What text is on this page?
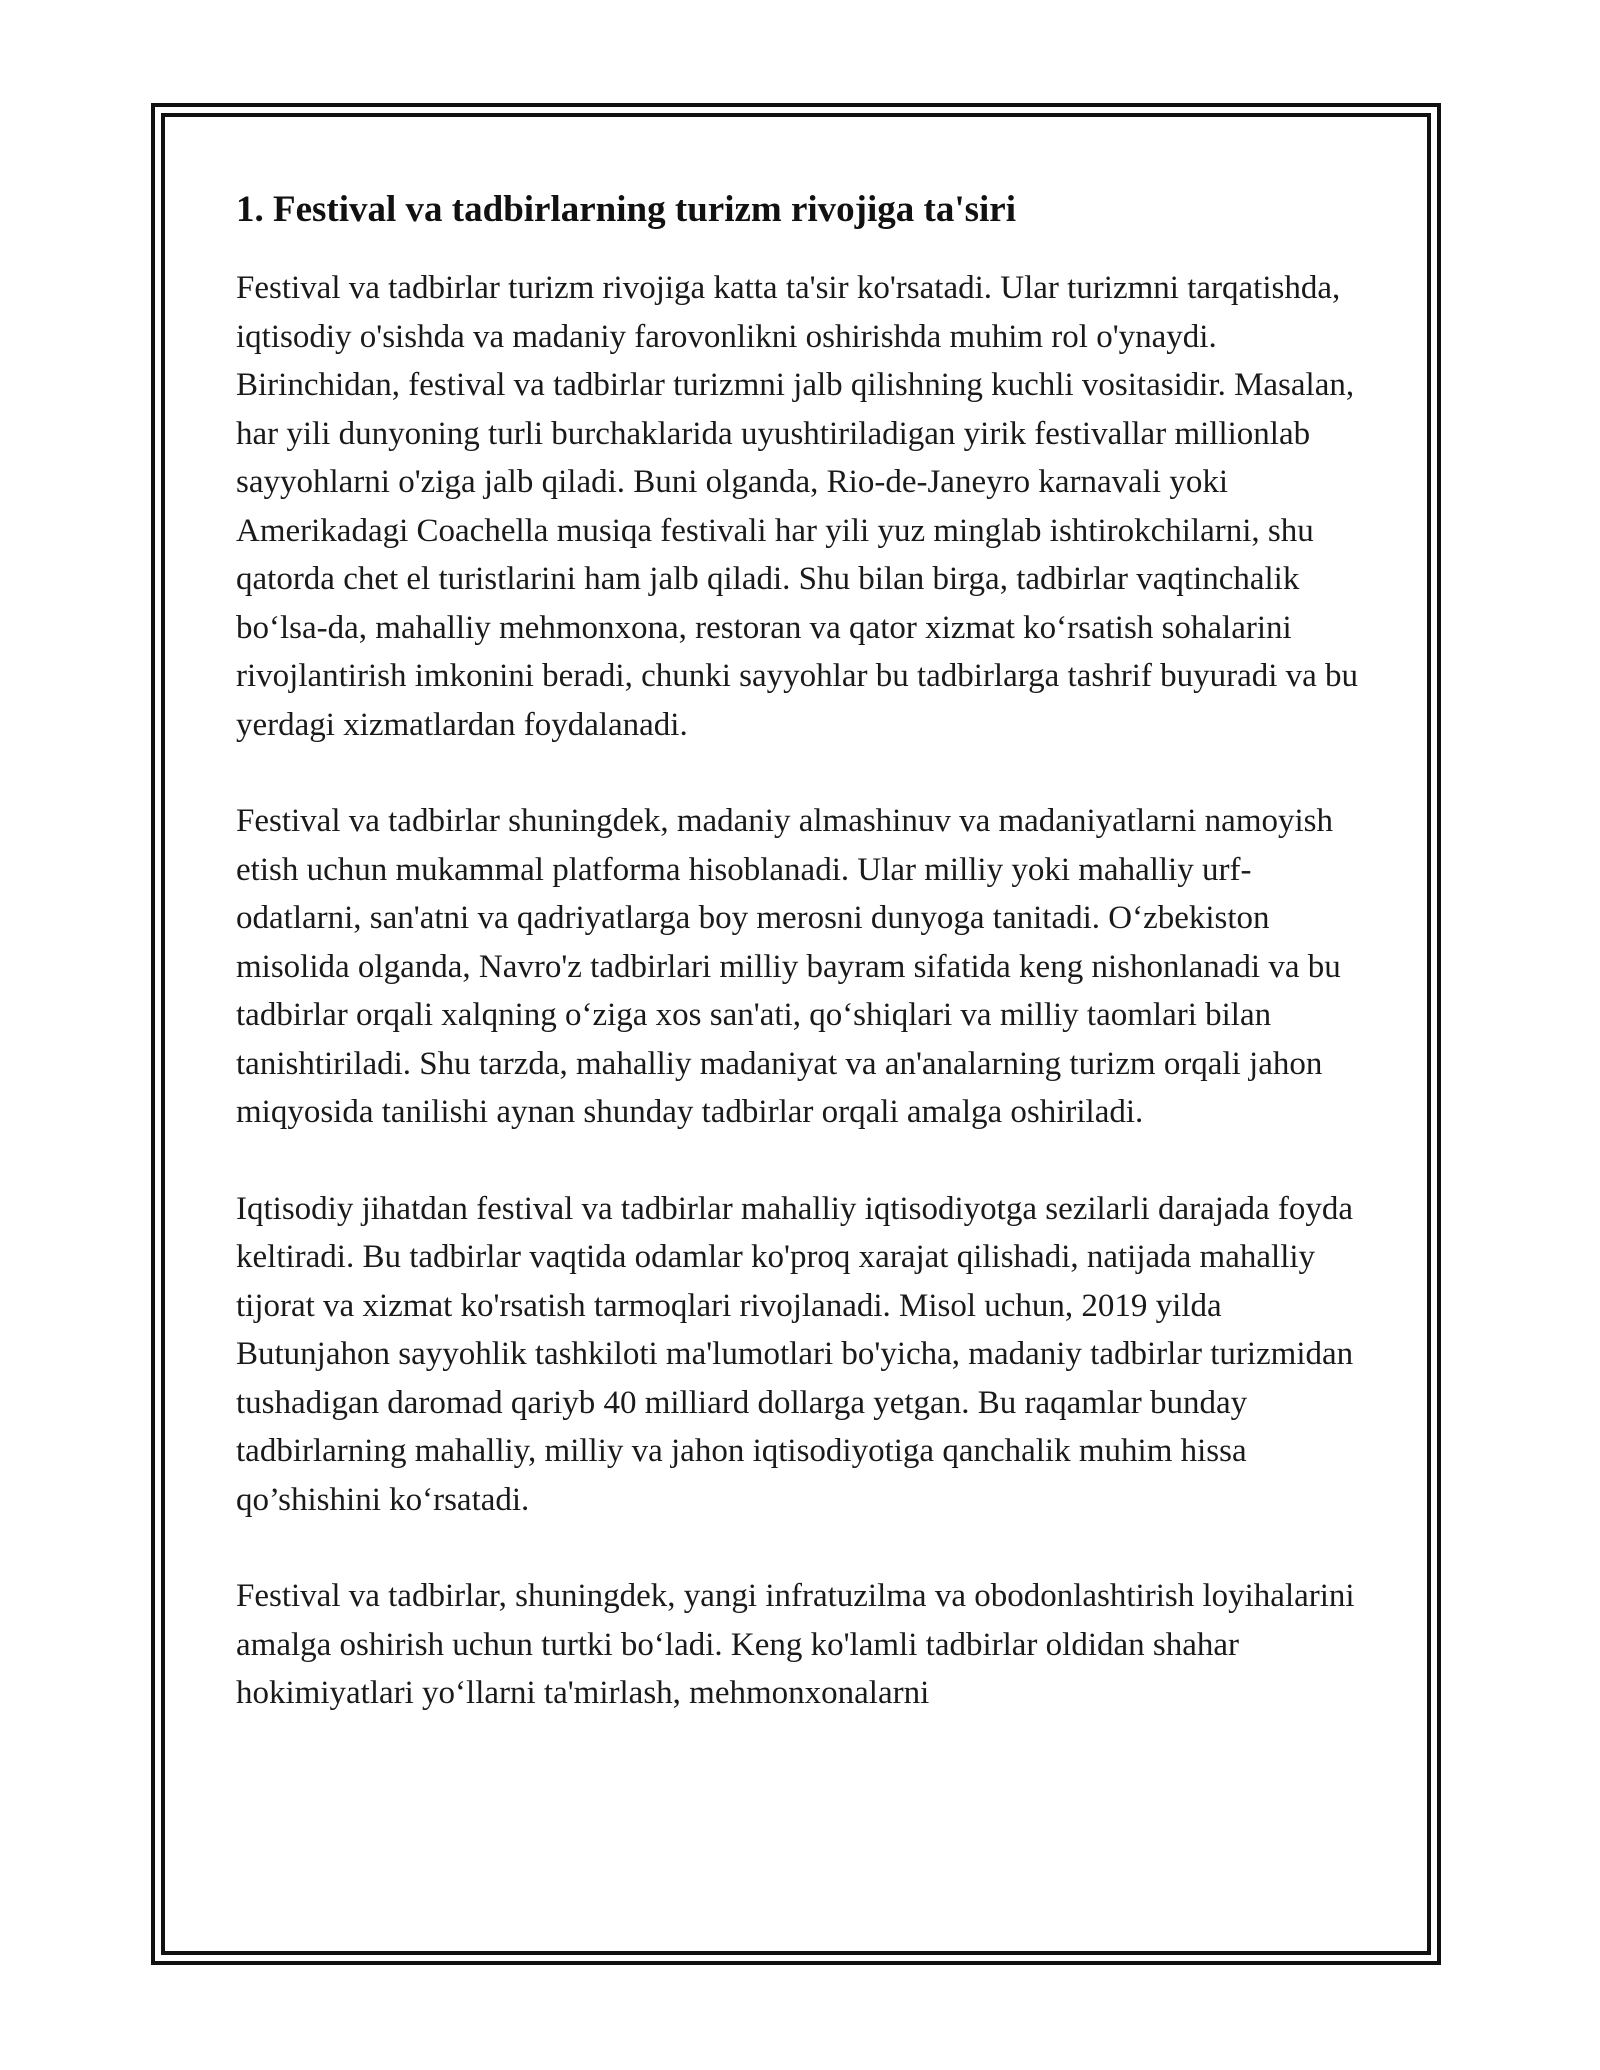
1. Festival va tadbirlarning turizm rivojiga ta'siri

Festival va tadbirlar turizm rivojiga katta ta'sir ko'rsatadi. Ular turizmni tarqatishda, iqtisodiy o'sishda va madaniy farovonlikni oshirishda muhim rol o'ynaydi. Birinchidan, festival va tadbirlar turizmni jalb qilishning kuchli vositasidir. Masalan, har yili dunyoning turli burchaklarida uyushtiriladigan yirik festivallar millionlab sayyohlarni o'ziga jalb qiladi. Buni olganda, Rio-de-Janeyro karnavali yoki Amerikadagi Coachella musiqa festivali har yili yuz minglab ishtirokchilarni, shu qatorda chet el turistlarini ham jalb qiladi. Shu bilan birga, tadbirlar vaqtinchalik bo‘lsa-da, mahalliy mehmonxona, restoran va qator xizmat ko‘rsatish sohalarini rivojlantirish imkonini beradi, chunki sayyohlar bu tadbirlarga tashrif buyuradi va bu yerdagi xizmatlardan foydalanadi.

Festival va tadbirlar shuningdek, madaniy almashinuv va madaniyatlarni namoyish etish uchun mukammal platforma hisoblanadi. Ular milliy yoki mahalliy urf-odatlarni, san'atni va qadriyatlarga boy merosni dunyoga tanitadi. O‘zbekiston misolida olganda, Navro'z tadbirlari milliy bayram sifatida keng nishonlanadi va bu tadbirlar orqali xalqning o‘ziga xos san'ati, qo‘shiqlari va milliy taomlari bilan tanishtiriladi. Shu tarzda, mahalliy madaniyat va an'analarning turizm orqali jahon miqyosida tanilishi aynan shunday tadbirlar orqali amalga oshiriladi.

Iqtisodiy jihatdan festival va tadbirlar mahalliy iqtisodiyotga sezilarli darajada foyda keltiradi. Bu tadbirlar vaqtida odamlar ko'proq xarajat qilishadi, natijada mahalliy tijorat va xizmat ko'rsatish tarmoqlari rivojlanadi. Misol uchun, 2019 yilda Butunjahon sayyohlik tashkiloti ma'lumotlari bo'yicha, madaniy tadbirlar turizmidan tushadigan daromad qariyb 40 milliard dollarga yetgan. Bu raqamlar bunday tadbirlarning mahalliy, milliy va jahon iqtisodiyotiga qanchalik muhim hissa qo’shishini ko‘rsatadi.

Festival va tadbirlar, shuningdek, yangi infratuzilma va obodonlashtirish loyihalarini amalga oshirish uchun turtki bo‘ladi. Keng ko'lamli tadbirlar oldidan shahar hokimiyatlari yo‘llarni ta'mirlash, mehmonxonalarni
